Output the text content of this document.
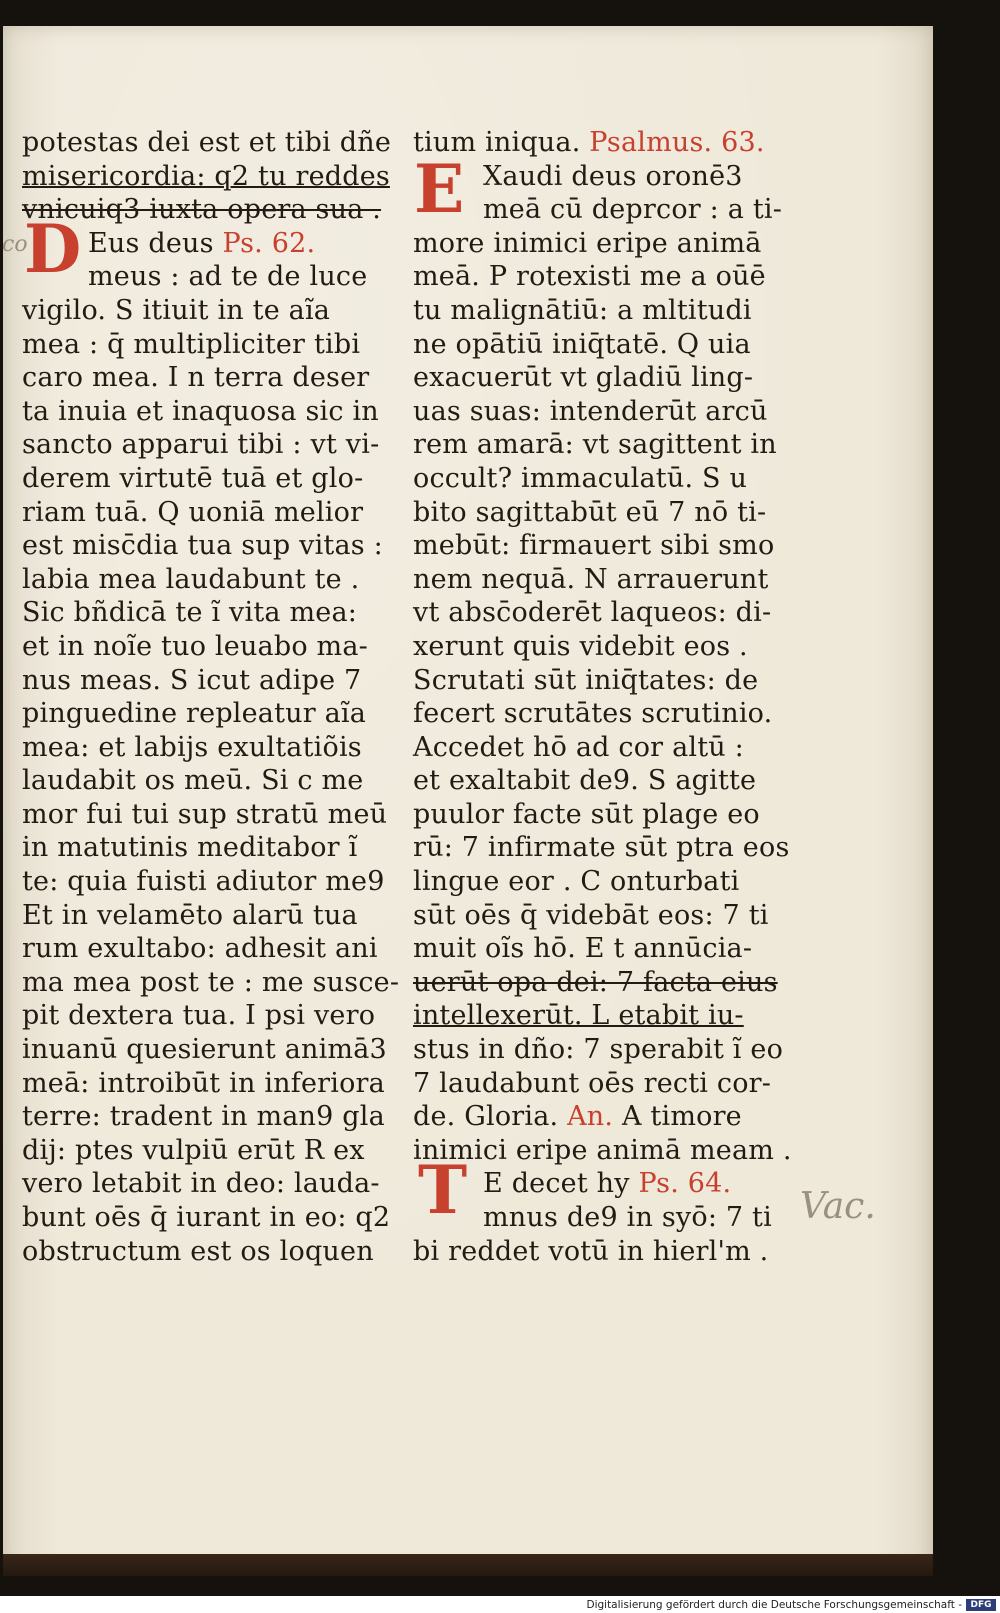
co
Vac.
D
E
T
potestas dei est et tibi dñe
misericordia: q2 tu reddes
vnicuiq3 iuxta opera sua .
Eus deus Ps. 62.
meus : ad te de luce
vigilo. S itiuit in te aĩa
mea : q̄ multipliciter tibi
caro mea. I n terra deser
ta inuia et inaquosa sic in
sancto apparui tibi : vt vi-
derem virtutē tuā et glo-
riam tuā. Q uoniā melior
est misc̄dia tua sup vitas :
labia mea laudabunt te .
Sic bñdicā te ĩ vita mea:
et in noĩe tuo leuabo ma-
nus meas. S icut adipe 7
pinguedine repleatur aĩa
mea: et labijs exultatiõis
laudabit os meū. Si c me
mor fui tui sup stratū meū
in matutinis meditabor ĩ
te: quia fuisti adiutor me9
Et in velamēto alarū tua
rum exultabo: adhesit ani
ma mea post te : me susce-
pit dextera tua. I psi vero
inuanū quesierunt animā3
meā: introibūt in inferiora
terre: tradent in man9 gla
dij: ptes vulpiū erūt R ex
vero letabit in deo: lauda-
bunt oēs q̄ iurant in eo: q2
obstructum est os loquen
tium iniqua. Psalmus. 63.
Xaudi deus oronē3
meā cū deprcor : a ti-
more inimici eripe animā
meā. P rotexisti me a oūē
tu malignātiū: a mltitudi
ne opātiū iniq̄tatē. Q uia
exacuerūt vt gladiū ling-
uas suas: intenderūt arcū
rem amarā: vt sagittent in
occult? immaculatū. S u
bito sagittabūt eū 7 nō ti-
mebūt: firmauert sibi smo
nem nequā. N arrauerunt
vt absc̄oderēt laqueos: di-
xerunt quis videbit eos .
Scrutati sūt iniq̄tates: de
fecert scrutātes scrutinio.
Accedet hō ad cor altū :
et exaltabit de9. S agitte
puulor facte sūt plage eo
rū: 7 infirmate sūt ptra eos
lingue eor . C onturbati
sūt oēs q̄ videbāt eos: 7 ti
muit oĩs hō. E t annūcia-
uerūt opa dei: 7 facta eius
intellexerūt. L etabit iu-
stus in dño: 7 sperabit ĩ eo
7 laudabunt oēs recti cor-
de. Gloria. An. A timore
inimici eripe animā meam .
E decet hy Ps. 64.
mnus de9 in syō: 7 ti
bi reddet votū in hierl'm .
Digitalisierung gefördert durch die Deutsche Forschungsgemeinschaft - DFG
